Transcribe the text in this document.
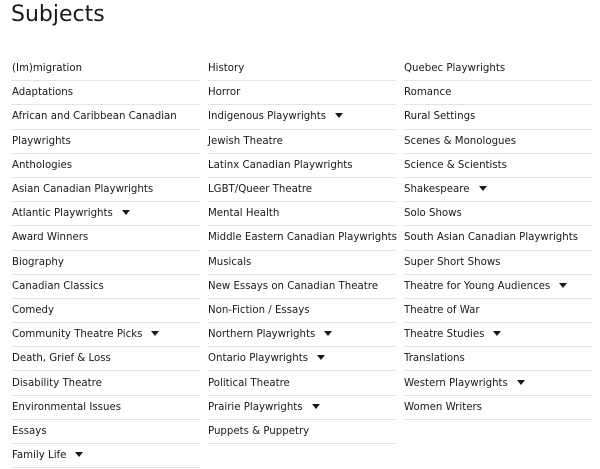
Subjects
(Im)migration
Adaptations
African and Caribbean Canadian
Playwrights
Anthologies
Asian Canadian Playwrights
Atlantic Playwrights
Award Winners
Biography
Canadian Classics
Comedy
Community Theatre Picks
Death, Grief & Loss
Disability Theatre
Environmental Issues
Essays
Family Life
History
Horror
Indigenous Playwrights
Jewish Theatre
Latinx Canadian Playwrights
LGBT/Queer Theatre
Mental Health
Middle Eastern Canadian Playwrights
Musicals
New Essays on Canadian Theatre
Non-Fiction / Essays
Northern Playwrights
Ontario Playwrights
Political Theatre
Prairie Playwrights
Puppets & Puppetry
Quebec Playwrights
Romance
Rural Settings
Scenes & Monologues
Science & Scientists
Shakespeare
Solo Shows
South Asian Canadian Playwrights
Super Short Shows
Theatre for Young Audiences
Theatre of War
Theatre Studies
Translations
Western Playwrights
Women Writers
